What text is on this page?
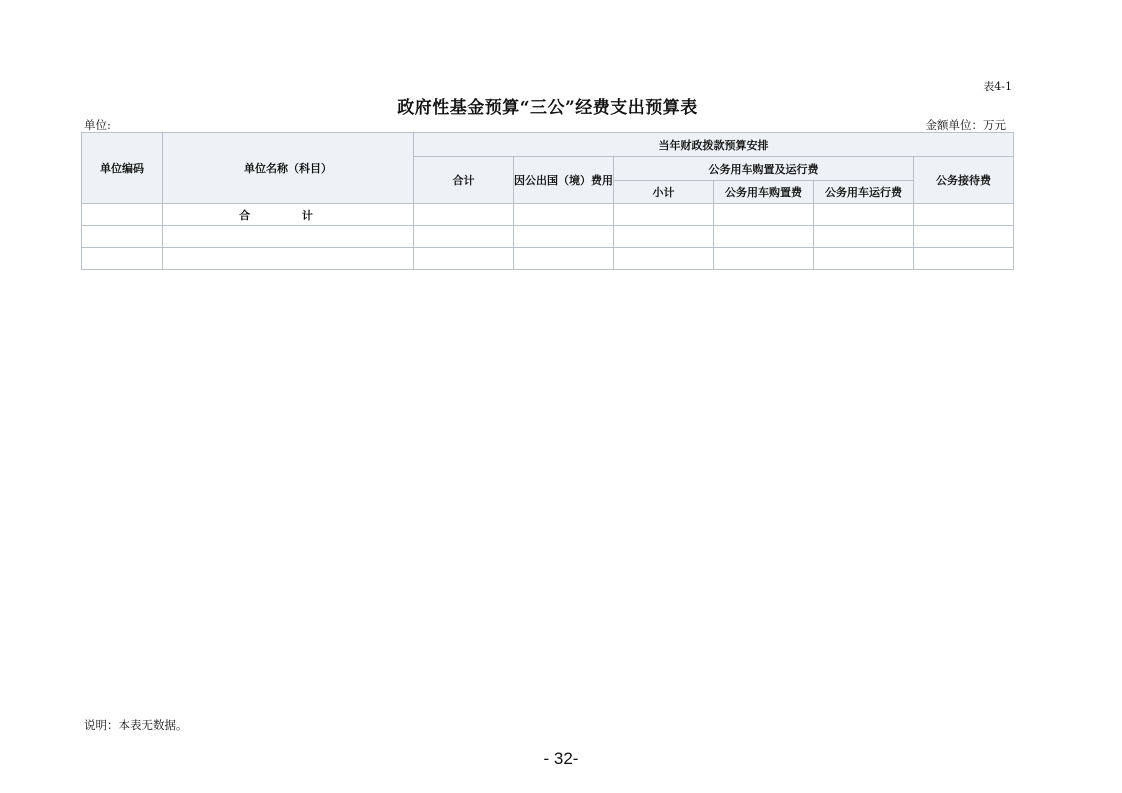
表4-1
政府性基金预算“三公”经费支出预算表
单位:	金额单位：万元
单位编码	单位名称（科目）	当年财政拨款预算安排					
		合计	因公出国（境）费用	公务用车购置及运行费			公务接待费
				小计	公务用车购置费	公务用车运行费	
	合 计						

说明：本表无数据。
- 32-
